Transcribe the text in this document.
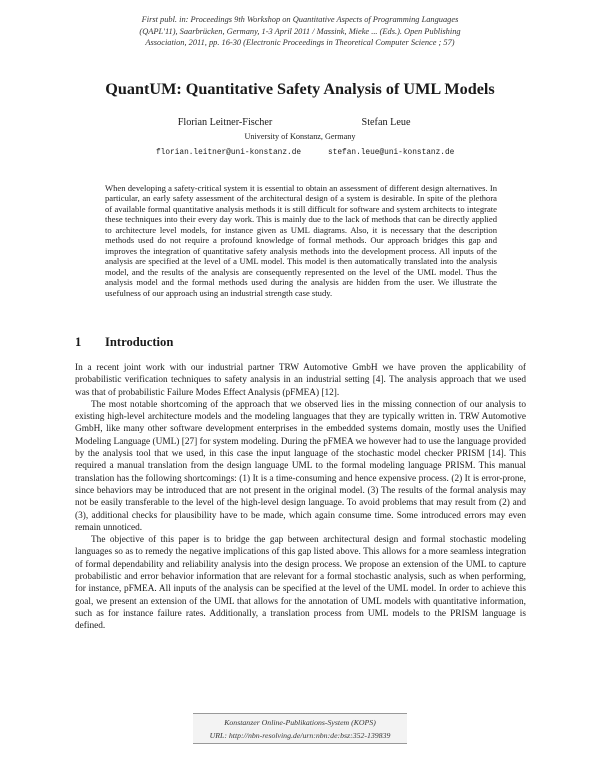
First publ. in: Proceedings 9th Workshop on Quantitative Aspects of Programming Languages
(QAPL'11), Saarbrücken, Germany, 1-3 April 2011 / Massink, Mieke ... (Eds.). Open Publishing
Association, 2011, pp. 16-30 (Electronic Proceedings in Theoretical Computer Science ; 57)
QuantUM: Quantitative Safety Analysis of UML Models
Florian Leitner-Fischer	Stefan Leue
University of Konstanz, Germany
florian.leitner@uni-konstanz.de	stefan.leue@uni-konstanz.de
When developing a safety-critical system it is essential to obtain an assessment of different design alternatives. In particular, an early safety assessment of the architectural design of a system is desirable. In spite of the plethora of available formal quantitative analysis methods it is still difficult for software and system architects to integrate these techniques into their every day work. This is mainly due to the lack of methods that can be directly applied to architecture level models, for instance given as UML diagrams. Also, it is necessary that the description methods used do not require a profound knowledge of formal methods. Our approach bridges this gap and improves the integration of quantitative safety analysis methods into the development process. All inputs of the analysis are specified at the level of a UML model. This model is then automatically translated into the analysis model, and the results of the analysis are consequently represented on the level of the UML model. Thus the analysis model and the formal methods used during the analysis are hidden from the user. We illustrate the usefulness of our approach using an industrial strength case study.
1 Introduction

In a recent joint work with our industrial partner TRW Automotive GmbH we have proven the applicability of probabilistic verification techniques to safety analysis in an industrial setting [4]. The analysis approach that we used was that of probabilistic Failure Modes Effect Analysis (pFMEA) [12].

The most notable shortcoming of the approach that we observed lies in the missing connection of our analysis to existing high-level architecture models and the modeling languages that they are typically written in. TRW Automotive GmbH, like many other software development enterprises in the embedded systems domain, mostly uses the Unified Modeling Language (UML) [27] for system modeling. During the pFMEA we however had to use the language provided by the analysis tool that we used, in this case the input language of the stochastic model checker PRISM [14]. This required a manual translation from the design language UML to the formal modeling language PRISM. This manual translation has the following shortcomings: (1) It is a time-consuming and hence expensive process. (2) It is error-prone, since behaviors may be introduced that are not present in the original model. (3) The results of the formal analysis may not be easily transferable to the level of the high-level design language. To avoid problems that may result from (2) and (3), additional checks for plausibility have to be made, which again consume time. Some introduced errors may even remain unnoticed.

The objective of this paper is to bridge the gap between architectural design and formal stochastic modeling languages so as to remedy the negative implications of this gap listed above. This allows for a more seamless integration of formal dependability and reliability analysis into the design process. We propose an extension of the UML to capture probabilistic and error behavior information that are relevant for a formal stochastic analysis, such as when performing, for instance, pFMEA. All inputs of the analysis can be specified at the level of the UML model. In order to achieve this goal, we present an extension of the UML that allows for the annotation of UML models with quantitative information, such as for instance failure rates. Additionally, a translation process from UML models to the PRISM language is defined.

Konstanzer Online-Publikations-System (KOPS)
URL: http://nbn-resolving.de/urn:nbn:de:bsz:352-139839
